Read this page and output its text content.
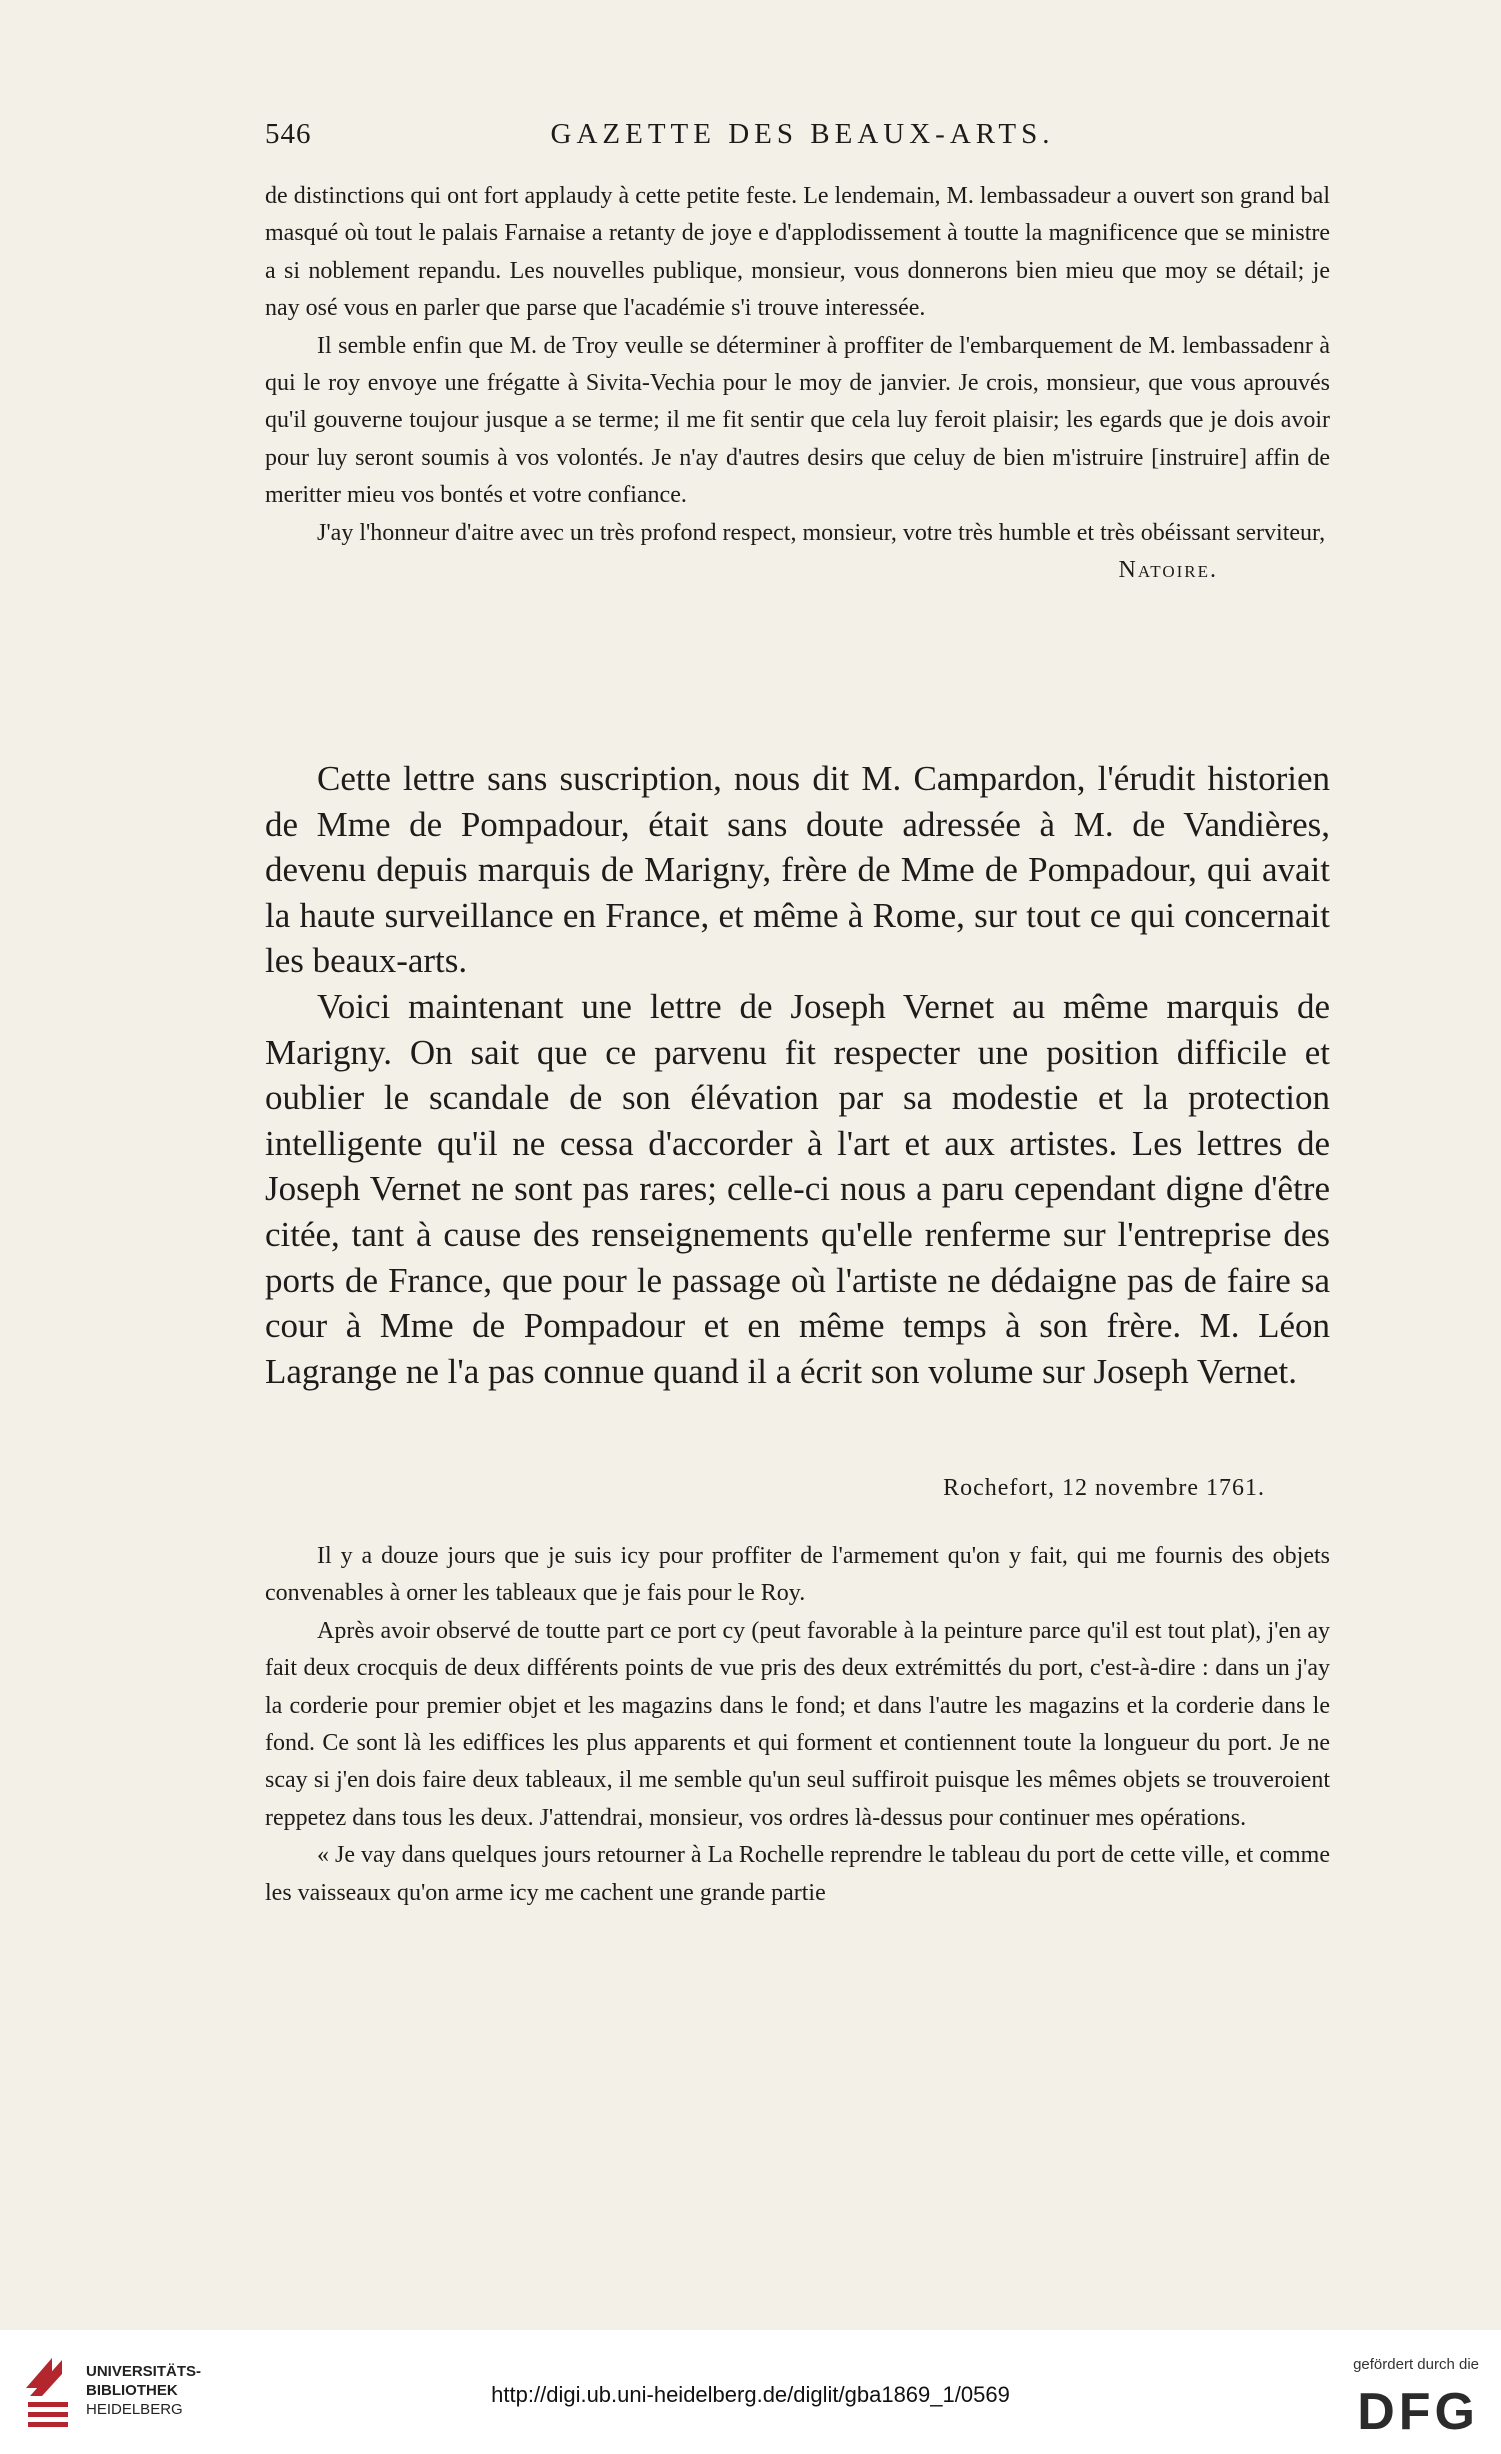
546	GAZETTE DES BEAUX-ARTS.

de distinctions qui ont fort applaudy à cette petite feste. Le lendemain, M. lembassadeur a ouvert son grand bal masqué où tout le palais Farnaise a retanty de joye e d'applodissement à toutte la magnificence que se ministre a si noblement repandu. Les nouvelles publique, monsieur, vous donnerons bien mieu que moy se détail; je nay osé vous en parler que parse que l'académie s'i trouve interessée.

Il semble enfin que M. de Troy veulle se déterminer à proffiter de l'embarquement de M. lembassadenr à qui le roy envoye une frégatte à Sivita-Vechia pour le moy de janvier. Je crois, monsieur, que vous aprouvés qu'il gouverne toujour jusque a se terme; il me fit sentir que cela luy feroit plaisir; les egards que je dois avoir pour luy seront soumis à vos volontés. Je n'ay d'autres desirs que celuy de bien m'istruire [instruire] affin de meritter mieu vos bontés et votre confiance.

J'ay l'honneur d'aitre avec un très profond respect, monsieur, votre très humble et très obéissant serviteur,

Natoire.

Cette lettre sans suscription, nous dit M. Campardon, l'érudit historien de Mme de Pompadour, était sans doute adressée à M. de Vandières, devenu depuis marquis de Marigny, frère de Mme de Pompadour, qui avait la haute surveillance en France, et même à Rome, sur tout ce qui concernait les beaux-arts.

Voici maintenant une lettre de Joseph Vernet au même marquis de Marigny. On sait que ce parvenu fit respecter une position difficile et oublier le scandale de son élévation par sa modestie et la protection intelligente qu'il ne cessa d'accorder à l'art et aux artistes. Les lettres de Joseph Vernet ne sont pas rares; celle-ci nous a paru cependant digne d'être citée, tant à cause des renseignements qu'elle renferme sur l'entreprise des ports de France, que pour le passage où l'artiste ne dédaigne pas de faire sa cour à Mme de Pompadour et en même temps à son frère. M. Léon Lagrange ne l'a pas connue quand il a écrit son volume sur Joseph Vernet.

Rochefort, 12 novembre 1761.

Il y a douze jours que je suis icy pour proffiter de l'armement qu'on y fait, qui me fournis des objets convenables à orner les tableaux que je fais pour le Roy.

Après avoir observé de toutte part ce port cy (peut favorable à la peinture parce qu'il est tout plat), j'en ay fait deux crocquis de deux différents points de vue pris des deux extrémittés du port, c'est-à-dire : dans un j'ay la corderie pour premier objet et les magazins dans le fond; et dans l'autre les magazins et la corderie dans le fond. Ce sont là les ediffices les plus apparents et qui forment et contiennent toute la longueur du port. Je ne scay si j'en dois faire deux tableaux, il me semble qu'un seul suffiroit puisque les mêmes objets se trouveroient reppetez dans tous les deux. J'attendrai, monsieur, vos ordres là-dessus pour continuer mes opérations.

« Je vay dans quelques jours retourner à La Rochelle reprendre le tableau du port de cette ville, et comme les vaisseaux qu'on arme icy me cachent une grande partie

UNIVERSITÄTS-
BIBLIOTHEK
HEIDELBERG
http://digi.ub.uni-heidelberg.de/diglit/gba1869_1/0569
gefördert durch die
DFG
